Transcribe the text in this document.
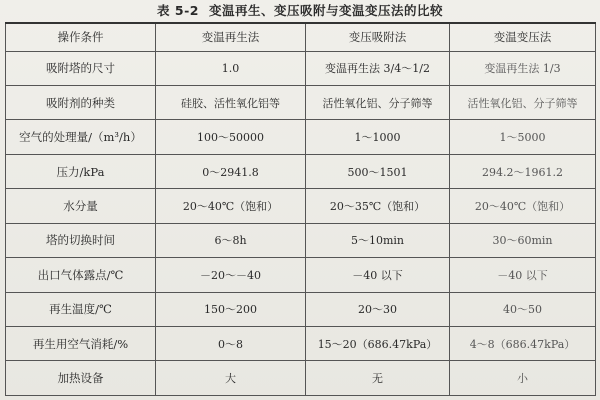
表 5-2 变温再生、变压吸附与变温变压法的比较
操作条件	变温再生法	变压吸附法	变温变压法
吸附塔的尺寸	1.0	变温再生法 3/4～1/2	变温再生法 1/3
吸附剂的种类	硅胶、活性氧化铝等	活性氧化铝、分子筛等	活性氧化铝、分子筛等
空气的处理量/（m³/h）	100～50000	1～1000	1～5000
压力/kPa	0～2941.8	500～1501	294.2～1961.2
水分量	20～40℃（饱和）	20～35℃（饱和）	20～40℃（饱和）
塔的切换时间	6～8h	5～10min	30～60min
出口气体露点/℃	－20～－40	－40 以下	－40 以下
再生温度/℃	150～200	20～30	40～50
再生用空气消耗/%	0～8	15～20（686.47kPa）	4～8（686.47kPa）
加热设备	大	无	小
